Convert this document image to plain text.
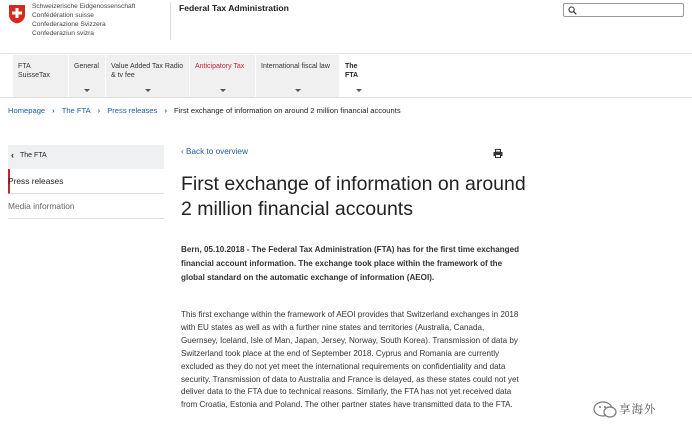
Schweizerische Eidgenossenschaft
Confédération suisse
Confederazione Svizzera
Confederaziun svizra
Federal Tax Administration
FTA SuisseTax
General	Value Added Tax Radio & tv fee
Anticipatory Tax	International fiscal law	The FTA
Homepage › The FTA › Press releases › First exchange of information on around 2 million financial accounts
‹ The FTA
Press releases
Media information
‹ Back to overview
First exchange of information on around 2 million financial accounts

Bern, 05.10.2018 - The Federal Tax Administration (FTA) has for the first time exchanged financial account information. The exchange took place within the framework of the global standard on the automatic exchange of information (AEOI).

This first exchange within the framework of AEOI provides that Switzerland exchanges in 2018 with EU states as well as with a further nine states and territories (Australia, Canada, Guernsey, Iceland, Isle of Man, Japan, Jersey, Norway, South Korea). Transmission of data by Switzerland took place at the end of September 2018. Cyprus and Romania are currently excluded as they do not yet meet the international requirements on confidentiality and data security. Transmission of data to Australia and France is delayed, as these states could not yet deliver data to the FTA due to technical reasons. Similarly, the FTA has not yet received data from Croatia, Estonia and Poland. The other partner states have transmitted data to the FTA.	享海外
